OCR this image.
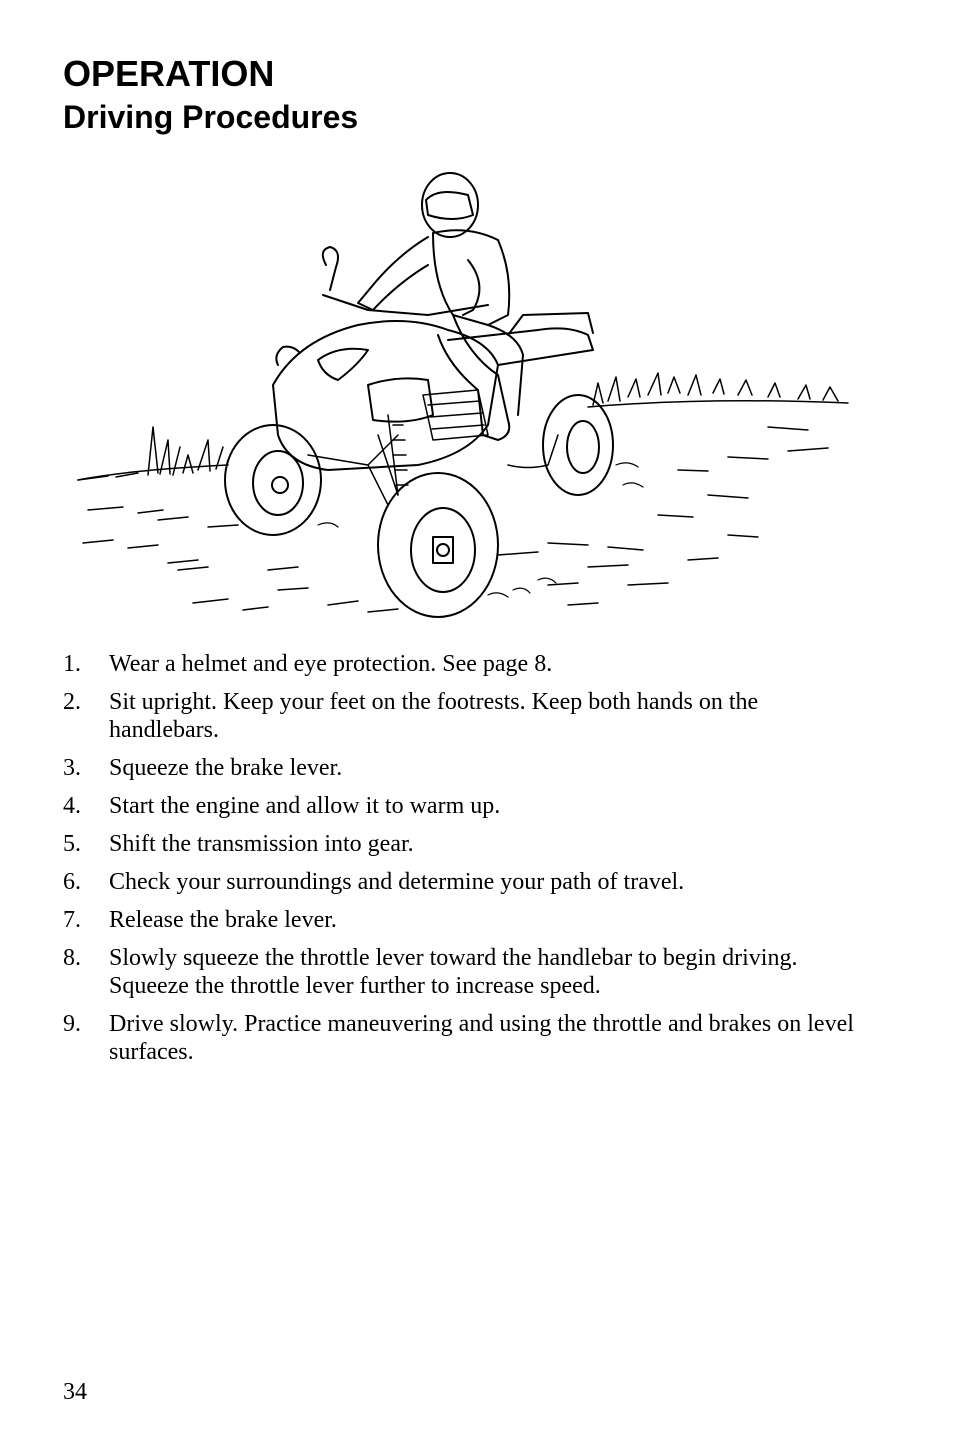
OPERATION
Driving Procedures
1. Wear a helmet and eye protection. See page 8.
2. Sit upright. Keep your feet on the footrests. Keep both hands on the handlebars.
3. Squeeze the brake lever.
4. Start the engine and allow it to warm up.
5. Shift the transmission into gear.
6. Check your surroundings and determine your path of travel.
7. Release the brake lever.
8. Slowly squeeze the throttle lever toward the handlebar to begin driving. Squeeze the throttle lever further to increase speed.
9. Drive slowly. Practice maneuvering and using the throttle and brakes on level surfaces.
34
